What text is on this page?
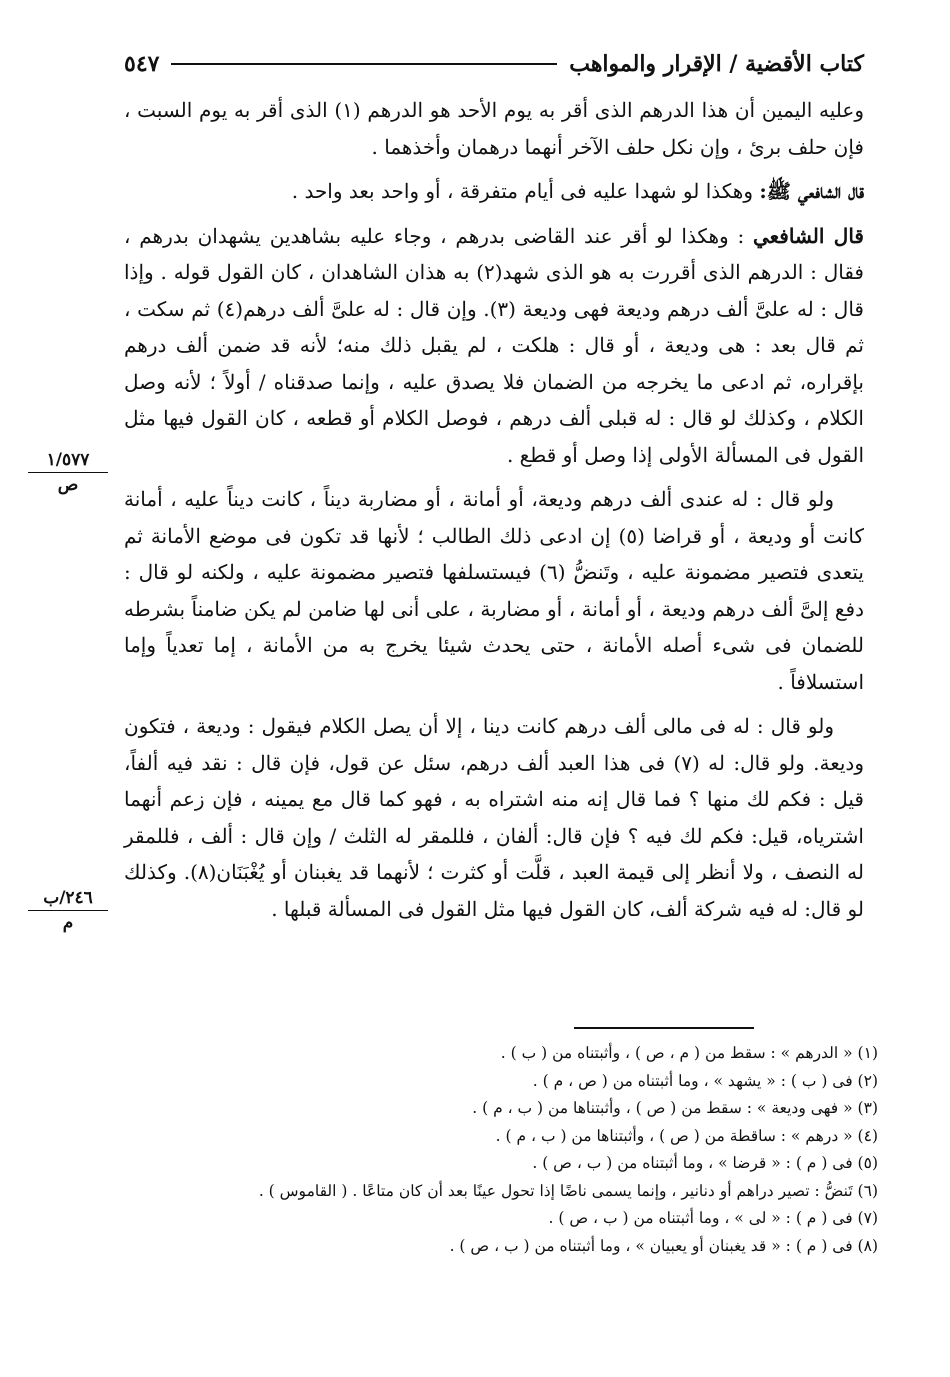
كتاب الأقضية / الإقرار والمواهب
٥٤٧

وعليه اليمين أن هذا الدرهم الذى أقر به يوم الأحد هو الدرهم (١) الذى أقر به يوم السبت ، فإن حلف برئ ، وإن نكل حلف الآخر أنهما درهمان وأخذهما .

قال الشافعي ﷺ: وهكذا لو شهدا عليه فى أيام متفرقة ، أو واحد بعد واحد .

قال الشافعي : وهكذا لو أقر عند القاضى بدرهم ، وجاء عليه بشاهدين يشهدان بدرهم ، فقال : الدرهم الذى أقررت به هو الذى شهد(٢) به هذان الشاهدان ، كان القول قوله . وإذا قال : له علىَّ ألف درهم وديعة فهى وديعة (٣). وإن قال : له علىَّ ألف درهم(٤) ثم سكت ، ثم قال بعد : هى وديعة ، أو قال : هلكت ، لم يقبل ذلك منه؛ لأنه قد ضمن ألف درهم بإقراره، ثم ادعى ما يخرجه من الضمان فلا يصدق عليه ، وإنما صدقناه / أولاً ؛ لأنه وصل الكلام ، وكذلك لو قال : له قبلى ألف درهم ، فوصل الكلام أو قطعه ، كان القول فيها مثل القول فى المسألة الأولى إذا وصل أو قطع .

ولو قال : له عندى ألف درهم وديعة، أو أمانة ، أو مضاربة ديناً ، كانت ديناً عليه ، أمانة كانت أو وديعة ، أو قراضا (٥) إن ادعى ذلك الطالب ؛ لأنها قد تكون فى موضع الأمانة ثم يتعدى فتصير مضمونة عليه ، وتَنضُّ (٦) فيستسلفها فتصير مضمونة عليه ، ولكنه لو قال : دفع إلىَّ ألف درهم وديعة ، أو أمانة ، أو مضاربة ، على أنى لها ضامن لم يكن ضامناً بشرطه للضمان فى شىء أصله الأمانة ، حتى يحدث شيئا يخرج به من الأمانة ، إما تعدياً وإما استسلافاً .

ولو قال : له فى مالى ألف درهم كانت دينا ، إلا أن يصل الكلام فيقول : وديعة ، فتكون وديعة. ولو قال: له (٧) فى هذا العبد ألف درهم، سئل عن قول، فإن قال : نقد فيه ألفاً، قيل : فكم لك منها ؟ فما قال إنه منه اشتراه به ، فهو كما قال مع يمينه ، فإن زعم أنهما اشترياه، قيل: فكم لك فيه ؟ فإن قال: ألفان ، فللمقر له الثلث / وإن قال : ألف ، فللمقر له النصف ، ولا أنظر إلى قيمة العبد ، قلَّت أو كثرت ؛ لأنهما قد يغبنان أو يُغْبَنَان(٨). وكذلك لو قال: له فيه شركة ألف، كان القول فيها مثل القول فى المسألة قبلها .

١/٥٧٧
ص
٢٤٦/ب
م
(١) « الدرهم » : سقط من ( م ، ص ) ، وأثبتناه من ( ب ) .
(٢) فى ( ب ) : « يشهد » ، وما أثبتناه من ( ص ، م ) .
(٣) « فهى وديعة » : سقط من ( ص ) ، وأثبتناها من ( ب ، م ) .
(٤) « درهم » : ساقطة من ( ص ) ، وأثبتناها من ( ب ، م ) .
(٥) فى ( م ) : « قرضا » ، وما أثبتناه من ( ب ، ص ) .
(٦) تَنضُّ : تصير دراهم أو دنانير ، وإنما يسمى ناضًا إذا تحول عينًا بعد أن كان متاعًا . ( القاموس ) .
(٧) فى ( م ) : « لى » ، وما أثبتناه من ( ب ، ص ) .
(٨) فى ( م ) : « قد يغبنان أو يعبيان » ، وما أثبتناه من ( ب ، ص ) .
